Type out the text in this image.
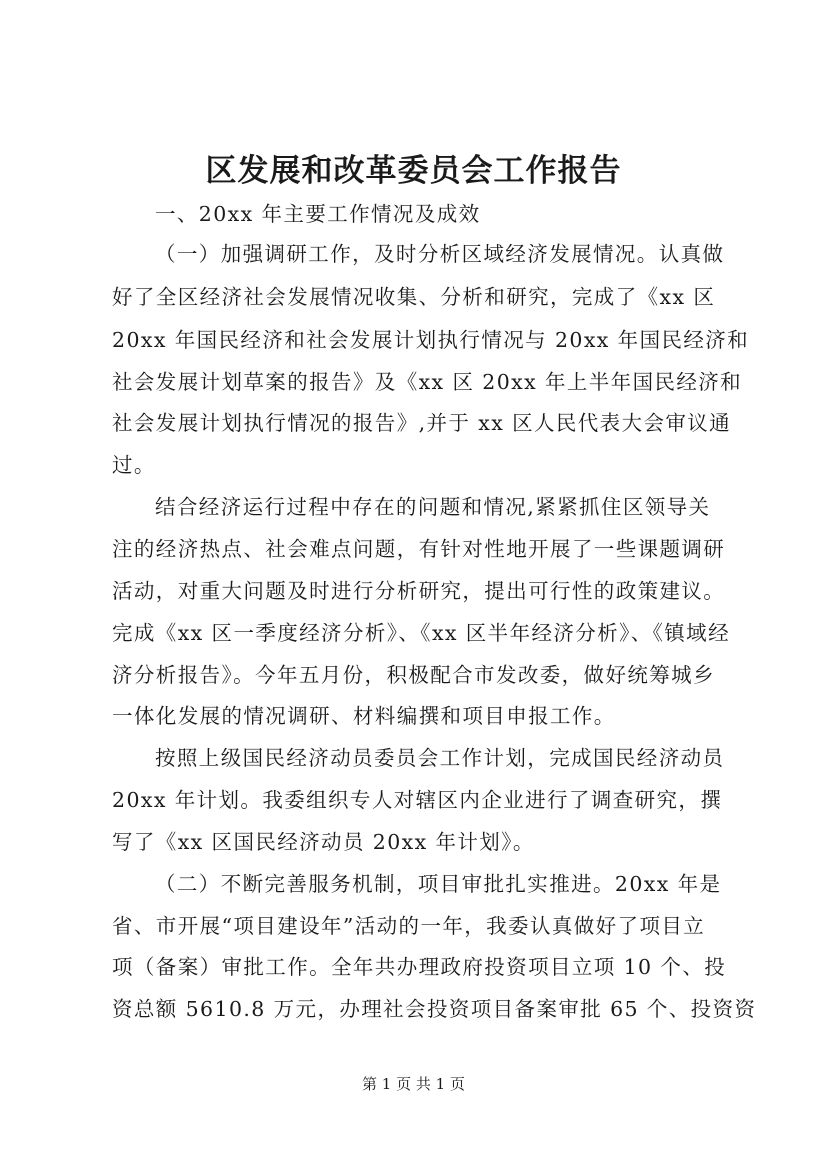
区发展和改革委员会工作报告
一、20xx 年主要工作情况及成效
（一）加强调研工作，及时分析区域经济发展情况。认真做
好了全区经济社会发展情况收集、分析和研究，完成了《xx 区
20xx 年国民经济和社会发展计划执行情况与 20xx 年国民经济和
社会发展计划草案的报告》及《xx 区 20xx 年上半年国民经济和
社会发展计划执行情况的报告》,并于 xx 区人民代表大会审议通
过。
结合经济运行过程中存在的问题和情况,紧紧抓住区领导关
注的经济热点、社会难点问题，有针对性地开展了一些课题调研
活动，对重大问题及时进行分析研究，提出可行性的政策建议。
完成《xx 区一季度经济分析》、《xx 区半年经济分析》、《镇域经
济分析报告》。今年五月份，积极配合市发改委，做好统筹城乡
一体化发展的情况调研、材料编撰和项目申报工作。
按照上级国民经济动员委员会工作计划，完成国民经济动员
20xx 年计划。我委组织专人对辖区内企业进行了调查研究，撰
写了《xx 区国民经济动员 20xx 年计划》。
（二）不断完善服务机制，项目审批扎实推进。20xx 年是
省、市开展“项目建设年”活动的一年，我委认真做好了项目立
项（备案）审批工作。全年共办理政府投资项目立项 10 个、投
资总额 5610.8 万元，办理社会投资项目备案审批 65 个、投资资
第 1 页 共 1 页
